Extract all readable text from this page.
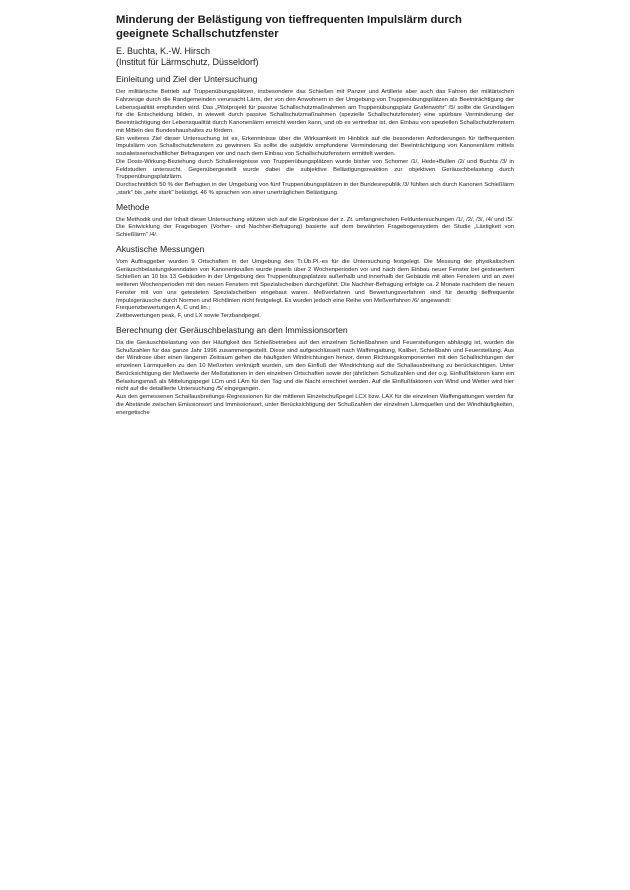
Minderung der Belästigung von tieffrequenten Impulslärm durch geeignete Schallschutzfenster

E. Buchta, K.-W. Hirsch

(Institut für Lärmschutz, Düsseldorf)

Einleitung und Ziel der Untersuchung

Der militärische Betrieb auf Truppenübungsplätzen, insbesondere das Schießen mit Panzer und Artillerie aber auch das Fahren der militärischen Fahrzeuge durch die Randgemeinden verursacht Lärm, der von den Anwohnern in der Umgebung von Truppenübungsplätzen als Beeinträchtigung der Lebensqualität empfunden wird. Das „Pilotprojekt für passive Schallschutzmaßnahmen am Truppenübungsplatz Grafenwöhr" /5/ sollte die Grundlagen für die Entscheidung bilden, in wieweit durch passive Schallschutzmaßnahmen (spezielle Schallschutzfenster) eine spürbare Verminderung der Beeinträchtigung der Lebensqualität durch Kanonenlärm erreicht werden kann, und ob es vertretbar ist, den Einbau von speziellen Schallschutzfenstern mit Mitteln des Bundeshaushaltes zu fördern.

Ein weiteres Ziel dieser Untersuchung ist es, Erkenntnisse über die Wirksamkeit im Hinblick auf die besonderen Anforderungen für tieffrequenten Impulslärm von Schallschutzfenstern zu gewinnen. Es sollte die subjektiv empfundene Verminderung der Beeinträchtigung von Kanonenlärm mittels sozialwissenschaftlicher Befragungen vor und nach dem Einbau von Schallschutzfenstern ermittelt werden.

Die Dosis-Wirkung-Beziehung durch Schallereignisse von Truppenübungsplätzen wurde bisher von Schomer /1/, Hede+Bullen /2/ und Buchta /3/ in Feldstudien untersucht. Gegenübergestellt wurde dabei die subjektive Belästigungsreaktion zur objektiven Geräuschbelastung durch Truppenübungsplatzlärm.

Durchschnittlich 50 % der Befragten in der Umgebung von fünf Truppenübungsplätzen in der Bundesrepublik /3/ fühlten sich durch Kanonen Schießlärm „stark" bis „sehr stark" belästigt. 46 % sprachen von einer unerträglichen Belästigung.

Methode

Die Methodik und der Inhalt dieser Untersuchung stützen sich auf die Ergebnisse der z. Zt. umfangreichsten Felduntersuchungen /1/, /2/, /3/, /4/ und /5/. Die Entwicklung der Fragebogen (Vorher- und Nachher-Befragung) basierte auf dem bewährten Fragebogensystem der Studie „Lästigkeit von Schießlärm" /4/.

Akustische Messungen

Vom Auftraggeber wurden 9 Ortschaften in der Umgebung des Tr.Üb.Pl.-es für die Untersuchung festgelegt. Die Messung der physikalischen Geräuschbelastungskenndaten von Kanonenknallen wurde jeweils über 2 Wochenperioden vor und nach dem Einbau neuer Fenster bei gesteuertem Schießen an 10 bis 13 Gebäuden in der Umgebung des Truppenübungsplatzes außerhalb und innerhalb der Gebäude mit alten Fenstern und an zwei weiteren Wochenperioden mit den neuen Fenstern mit Spezialscheiben durchgeführt. Die Nachher-Befragung erfolgte ca. 2 Monate nachdem die neuen Fenster mit von uns getesteten Spezialscheiben eingebaut waren. Meßverfahren und Bewertungsverfahren sind für derartig tieffrequente Impulsgeräusche durch Normen und Richtlinien nicht festgelegt. Es wurden jedoch eine Reihe von Meßverfahren /6/ angewandt:

Frequenzbewertungen A, C und lin.;

Zeitbewertungen peak, F, und LX sowie Terzbandpegel.

Berechnung der Geräuschbelastung an den Immissionsorten

Da die Geräuschbelastung von der Häufigkeit des Schießbetriebes auf den einzelnen Schießbahnen und Feuerstellungen abhängig ist, wurden die Schußzahlen für das ganze Jahr 1996 zusammengestellt. Diese sind aufgeschlüsselt nach Waffengattung, Kaliber, Schießbahn und Feuerstellung. Aus der Windrose über einen längeren Zeitraum gehen die häufigsten Windrichtungen hervor, deren Richtungskomponenten mit den Schallrichtungen der einzelnen Lärmquellen zu den 10 Meßorten verknüpft wurden, um den Einfluß der Windrichtung auf die Schallausbreitung zu berücksichtigen. Unter Berücksichtigung der Meßwerte der Meßstationen in den einzelnen Ortschaften sowie der jährlichen Schußzahlen und der o.g. Einflußfaktoren kann ein Belastungsmaß als Mittelungspegel LCm und LAm für den Tag und die Nacht errechnet werden. Auf die Einflußfaktoren von Wind und Wetter wird hier nicht auf die detaillierte Untersuchung /5/ eingegangen.

Aus den gemessenen Schallausbreitungs-Regressionen für die mittleren Einzelschußpegel LCX bzw. LAX für die einzelnen Waffengattungen werden für die Abstände zwischen Emissionsort und Immissionsort, unter Berücksichtigung der Schußzahlen der einzelnen Lärmquellen und der Windhäufigkeiten, energetische
